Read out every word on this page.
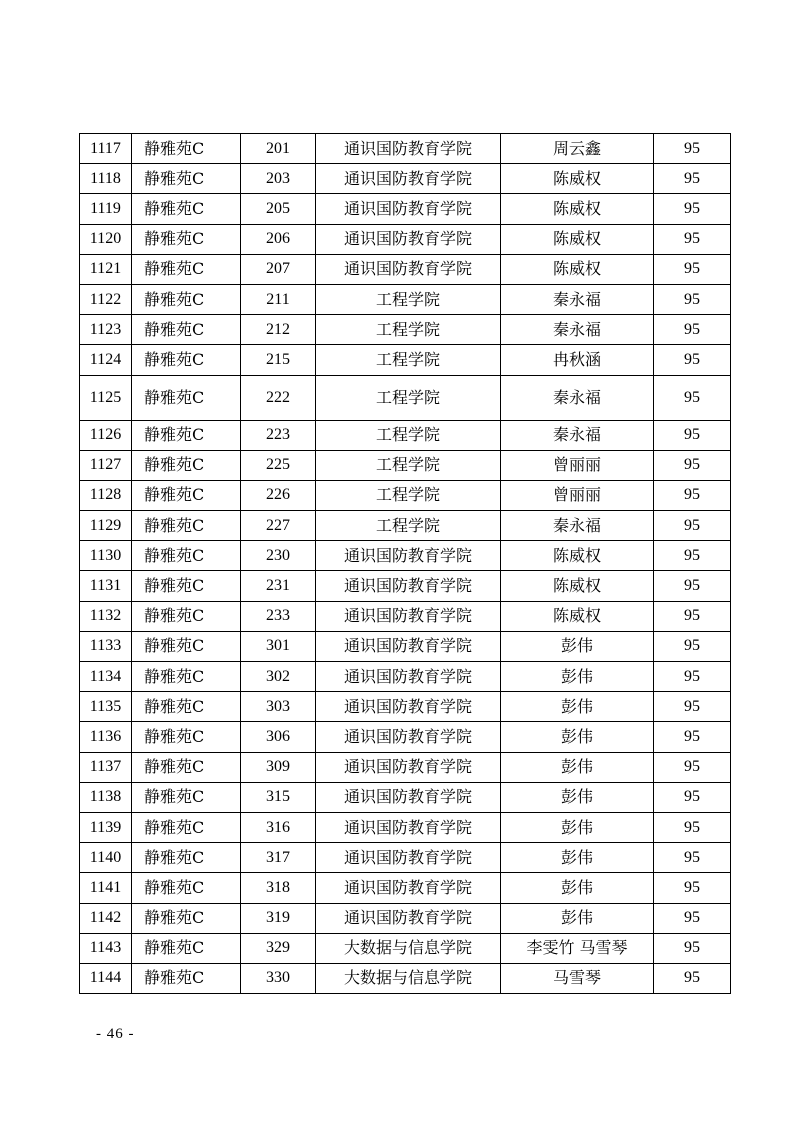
1117	静雅苑C	201	通识国防教育学院	周云鑫	95
1118	静雅苑C	203	通识国防教育学院	陈威权	95
1119	静雅苑C	205	通识国防教育学院	陈威权	95
1120	静雅苑C	206	通识国防教育学院	陈威权	95
1121	静雅苑C	207	通识国防教育学院	陈威权	95
1122	静雅苑C	211	工程学院	秦永福	95
1123	静雅苑C	212	工程学院	秦永福	95
1124	静雅苑C	215	工程学院	冉秋涵	95
1125	静雅苑C	222	工程学院	秦永福	95
1126	静雅苑C	223	工程学院	秦永福	95
1127	静雅苑C	225	工程学院	曾丽丽	95
1128	静雅苑C	226	工程学院	曾丽丽	95
1129	静雅苑C	227	工程学院	秦永福	95
1130	静雅苑C	230	通识国防教育学院	陈威权	95
1131	静雅苑C	231	通识国防教育学院	陈威权	95
1132	静雅苑C	233	通识国防教育学院	陈威权	95
1133	静雅苑C	301	通识国防教育学院	彭伟	95
1134	静雅苑C	302	通识国防教育学院	彭伟	95
1135	静雅苑C	303	通识国防教育学院	彭伟	95
1136	静雅苑C	306	通识国防教育学院	彭伟	95
1137	静雅苑C	309	通识国防教育学院	彭伟	95
1138	静雅苑C	315	通识国防教育学院	彭伟	95
1139	静雅苑C	316	通识国防教育学院	彭伟	95
1140	静雅苑C	317	通识国防教育学院	彭伟	95
1141	静雅苑C	318	通识国防教育学院	彭伟	95
1142	静雅苑C	319	通识国防教育学院	彭伟	95
1143	静雅苑C	329	大数据与信息学院	李雯竹 马雪琴	95
1144	静雅苑C	330	大数据与信息学院	马雪琴	95
- 46 -
